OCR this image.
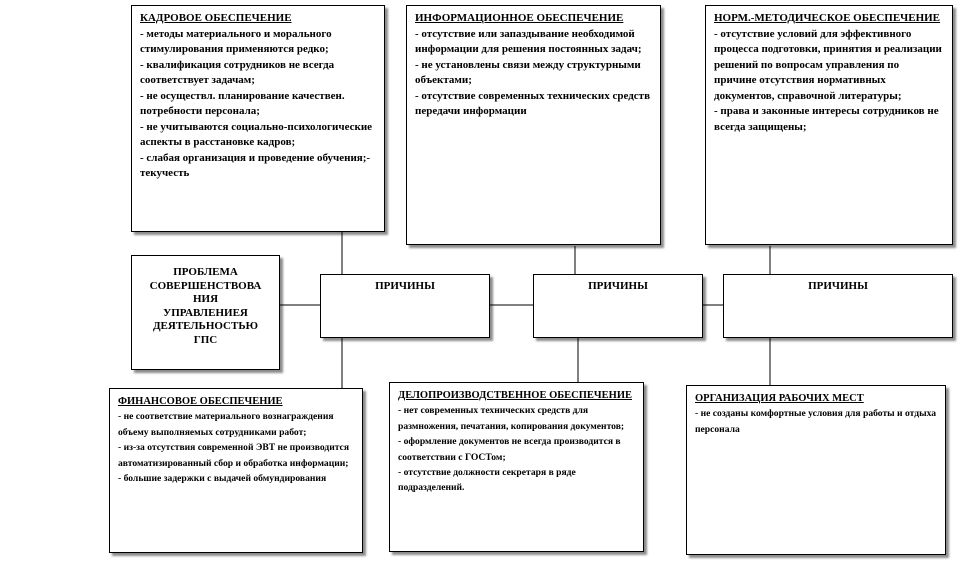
КАДРОВОЕ ОБЕСПЕЧЕНИЕ
- методы материального и морального стимулирования применяются редко;
- квалификация сотрудников не всегда соответствует задачам;
- не осуществл. планирование качествен. потребности персонала;
- не учитываются социально-психологические аспекты в расстановке кадров;
- слабая организация и проведение обучения;-текучесть
ИНФОРМАЦИОННОЕ ОБЕСПЕЧЕНИЕ
- отсутствие или запаздывание необходимой информации для решения постоянных задач;
- не установлены связи между структурными объектами;
- отсутствие современных технических средств передачи информации
НОРМ.-МЕТОДИЧЕСКОЕ ОБЕСПЕЧЕНИЕ
- отсутствие условий для эффективного процесса подготовки, принятия и реализации решений по вопросам управления по причине отсутствия нормативных документов, справочной литературы;
- права и законные интересы сотрудников не всегда защищены;
ПРОБЛЕМА
СОВЕРШЕНСТВОВА
НИЯ
УПРАВЛЕНИЕЯ
ДЕЯТЕЛЬНОСТЬЮ
ГПС
ПРИЧИНЫ	ПРИЧИНЫ	ПРИЧИНЫ
ФИНАНСОВОЕ ОБЕСПЕЧЕНИЕ
- не соответствие материального вознаграждения объему выполняемых сотрудниками работ;
- из-за отсутствия современной ЭВТ не производится автоматизированный сбор и обработка информации;
- большие задержки с выдачей обмундирования
ДЕЛОПРОИЗВОДСТВЕННОЕ ОБЕСПЕЧЕНИЕ
- нет современных технических средств для размножения, печатания, копирования документов;
- оформление документов не всегда производится в соответствии с ГОСТом;
- отсутствие должности секретаря в ряде подразделений.
ОРГАНИЗАЦИЯ РАБОЧИХ МЕСТ
- не созданы комфортные условия для работы и отдыха персонала
